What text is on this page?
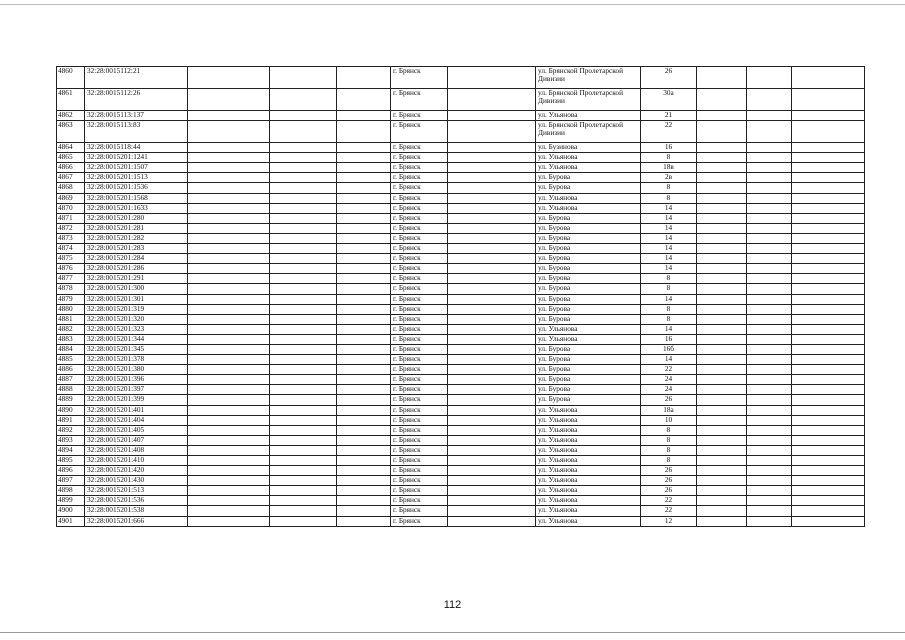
4860	32:28:0015112:21				г. Брянск		ул. Брянской Пролетарской Дивизии	26			
4861	32:28:0015112:26				г. Брянск		ул. Брянской Пролетарской Дивизии	30а			
4862	32:28:0015113:137				г. Брянск		ул. Ульянова	21			
4863	32:28:0015113:83				г. Брянск		ул. Брянской Пролетарской Дивизии	22			
4864	32:28:0015118:44				г. Брянск		ул. Бузинова	16			
4865	32:28:0015201:1241				г. Брянск		ул. Ульянова	8			
4866	32:28:0015201:1507				г. Брянск		ул. Ульянова	18в			
4867	32:28:0015201:1513				г. Брянск		ул. Бурова	2в			
4868	32:28:0015201:1536				г. Брянск		ул. Бурова	8			
4869	32:28:0015201:1568				г. Брянск		ул. Ульянова	8			
4870	32:28:0015201:1633				г. Брянск		ул. Ульянова	14			
4871	32:28:0015201:280				г. Брянск		ул. Бурова	14			
4872	32:28:0015201:281				г. Брянск		ул. Бурова	14			
4873	32:28:0015201:282				г. Брянск		ул. Бурова	14			
4874	32:28:0015201:283				г. Брянск		ул. Бурова	14			
4875	32:28:0015201:284				г. Брянск		ул. Бурова	14			
4876	32:28:0015201:286				г. Брянск		ул. Бурова	14			
4877	32:28:0015201:291				г. Брянск		ул. Бурова	8			
4878	32:28:0015201:300				г. Брянск		ул. Бурова	8			
4879	32:28:0015201:301				г. Брянск		ул. Бурова	14			
4880	32:28:0015201:319				г. Брянск		ул. Бурова	8			
4881	32:28:0015201:320				г. Брянск		ул. Бурова	8			
4882	32:28:0015201:323				г. Брянск		ул. Ульянова	14			
4883	32:28:0015201:344				г. Брянск		ул. Ульянова	16			
4884	32:28:0015201:345				г. Брянск		ул. Бурова	16б			
4885	32:28:0015201:378				г. Брянск		ул. Бурова	14			
4886	32:28:0015201:380				г. Брянск		ул. Бурова	22			
4887	32:28:0015201:396				г. Брянск		ул. Бурова	24			
4888	32:28:0015201:397				г. Брянск		ул. Бурова	24			
4889	32:28:0015201:399				г. Брянск		ул. Бурова	26			
4890	32:28:0015201:401				г. Брянск		ул. Ульянова	18а			
4891	32:28:0015201:404				г. Брянск		ул. Ульянова	10			
4892	32:28:0015201:405				г. Брянск		ул. Ульянова	8			
4893	32:28:0015201:407				г. Брянск		ул. Ульянова	8			
4894	32:28:0015201:408				г. Брянск		ул. Ульянова	8			
4895	32:28:0015201:410				г. Брянск		ул. Ульянова	8			
4896	32:28:0015201:420				г. Брянск		ул. Ульянова	26			
4897	32:28:0015201:430				г. Брянск		ул. Ульянова	26			
4898	32:28:0015201:513				г. Брянск		ул. Ульянова	26			
4899	32:28:0015201:536				г. Брянск		ул. Ульянова	22			
4900	32:28:0015201:538				г. Брянск		ул. Ульянова	22			
4901	32:28:0015201:666				г. Брянск		ул. Ульянова	12			
112
